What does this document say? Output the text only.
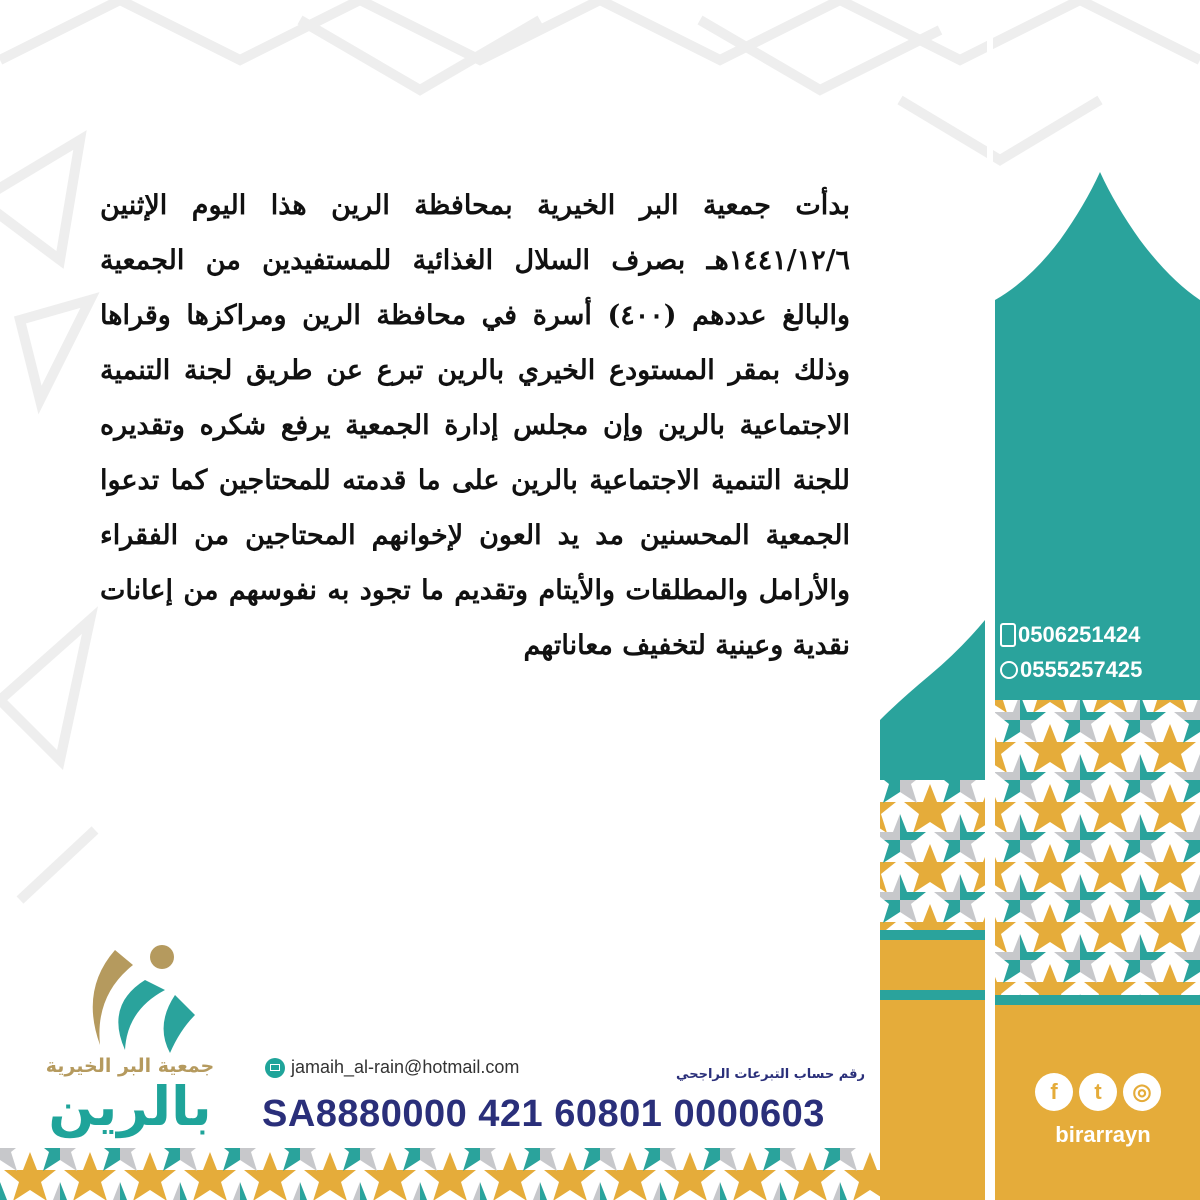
بدأت جمعية البر الخيرية بمحافظة الرين هذا اليوم الإثنين ١٤٤١/١٢/٦هـ بصرف السلال الغذائية للمستفيدين من الجمعية والبالغ عددهم (٤٠٠) أسرة في محافظة الرين ومراكزها وقراها وذلك بمقر المستودع الخيري بالرين تبرع عن طريق لجنة التنمية الاجتماعية بالرين وإن مجلس إدارة الجمعية يرفع شكره وتقديره للجنة التنمية الاجتماعية بالرين على ما قدمته للمحتاجين كما تدعوا الجمعية المحسنين مد يد العون لإخوانهم المحتاجين من الفقراء والأرامل والمطلقات والأيتام وتقديم ما تجود به نفوسهم من إعانات نقدية وعينية لتخفيف معاناتهم	0506251424
0555257425
f	t	◎
birarrayn
جمعية البر الخيرية
بالرين
jamaih_al-rain@hotmail.com	رقم حساب التبرعات الراجحي
SA8880000 421 60801 0000603
